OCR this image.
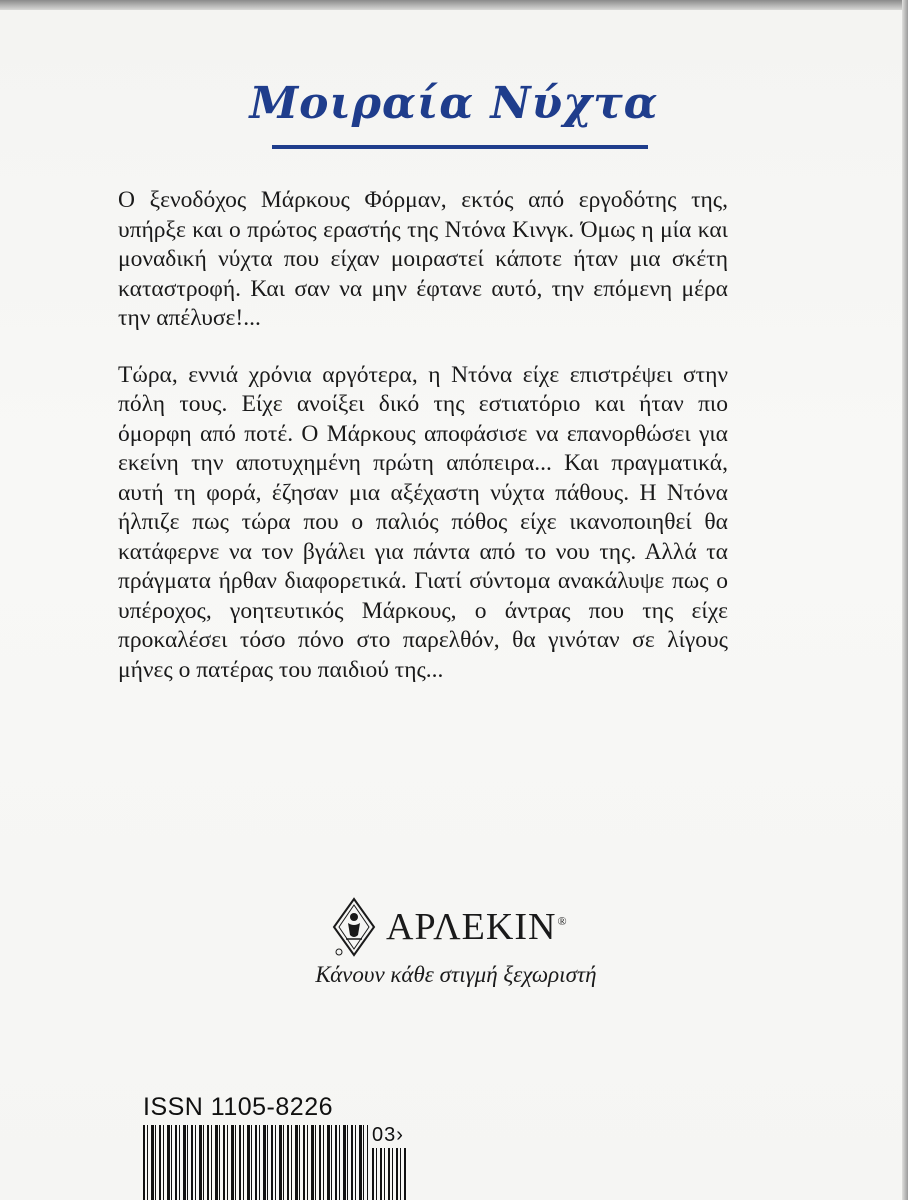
Μοιραία Νύχτα

Ο ξενοδόχος Μάρκους Φόρμαν, εκτός από εργοδότης της, υπήρξε και ο πρώτος εραστής της Ντόνα Κινγκ. Όμως η μία και μοναδική νύχτα που είχαν μοιραστεί κάποτε ήταν μια σκέτη καταστροφή. Και σαν να μην έφτανε αυτό, την επόμενη μέρα την απέλυσε!...

Τώρα, εννιά χρόνια αργότερα, η Ντόνα είχε επιστρέψει στην πόλη τους. Είχε ανοίξει δικό της εστιατόριο και ήταν πιο όμορφη από ποτέ. Ο Μάρκους αποφάσισε να επανορθώσει για εκείνη την αποτυχημένη πρώτη απόπειρα... Και πραγματικά, αυτή τη φορά, έζησαν μια αξέχαστη νύχτα πάθους. Η Ντόνα ήλπιζε πως τώρα που ο παλιός πόθος είχε ικανοποιηθεί θα κατάφερνε να τον βγάλει για πάντα από το νου της. Αλλά τα πράγματα ήρθαν διαφορετικά. Γιατί σύντομα ανακάλυψε πως ο υπέροχος, γοητευτικός Μάρκους, ο άντρας που της είχε προκαλέσει τόσο πόνο στο παρελθόν, θα γινόταν σε λίγους μήνες ο πατέρας του παιδιού της...

ΑΡΛΕΚΙΝ®
Κάνουν κάθε στιγμή ξεχωριστή
ISSN 1105-8226
03›
